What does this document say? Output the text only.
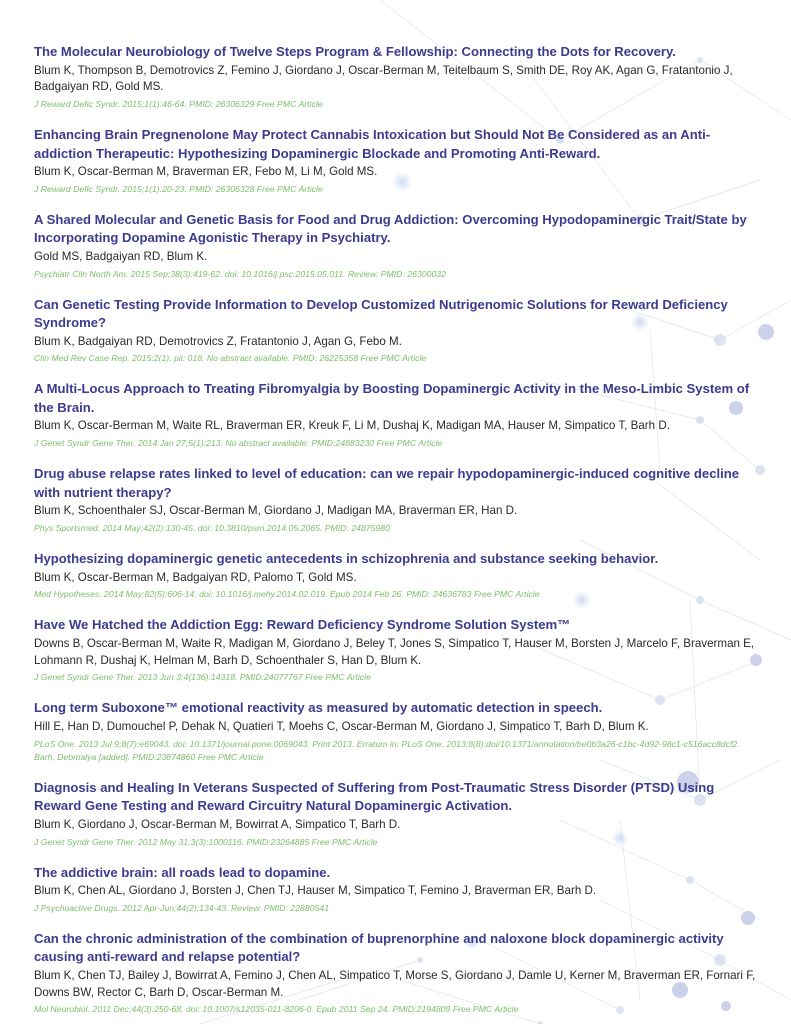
The Molecular Neurobiology of Twelve Steps Program & Fellowship: Connecting the Dots for Recovery.
Blum K, Thompson B, Demotrovics Z, Femino J, Giordano J, Oscar-Berman M, Teitelbaum S, Smith DE, Roy AK, Agan G, Fratantonio J, Badgaiyan RD, Gold MS.
J Reward Defic Syndr. 2015;1(1):46-64. PMID: 26306329 Free PMC Article
Enhancing Brain Pregnenolone May Protect Cannabis Intoxication but Should Not Be Considered as an Anti-addiction Therapeutic: Hypothesizing Dopaminergic Blockade and Promoting Anti-Reward.
Blum K, Oscar-Berman M, Braverman ER, Febo M, Li M, Gold MS.
J Reward Defic Syndr. 2015;1(1):20-23. PMID: 26306328 Free PMC Article
A Shared Molecular and Genetic Basis for Food and Drug Addiction: Overcoming Hypodopaminergic Trait/State by Incorporating Dopamine Agonistic Therapy in Psychiatry.
Gold MS, Badgaiyan RD, Blum K.
Psychiatr Clin North Am. 2015 Sep;38(3):419-62. doi: 10.1016/j.psc.2015.05.011. Review. PMID: 26300032
Can Genetic Testing Provide Information to Develop Customized Nutrigenomic Solutions for Reward Deficiency Syndrome?
Blum K, Badgaiyan RD, Demotrovics Z, Fratantonio J, Agan G, Febo M.
Clin Med Rev Case Rep. 2015;2(1). pii: 018. No abstract available. PMID: 26225358 Free PMC Article
A Multi-Locus Approach to Treating Fibromyalgia by Boosting Dopaminergic Activity in the Meso-Limbic System of the Brain.
Blum K, Oscar-Berman M, Waite RL, Braverman ER, Kreuk F, Li M, Dushaj K, Madigan MA, Hauser M, Simpatico T, Barh D.
J Genet Syndr Gene Ther. 2014 Jan 27;5(1):213. No abstract available. PMID:24883230 Free PMC Article
Drug abuse relapse rates linked to level of education: can we repair hypodopaminergic-induced cognitive decline with nutrient therapy?
Blum K, Schoenthaler SJ, Oscar-Berman M, Giordano J, Madigan MA, Braverman ER, Han D.
Phys Sportsmed. 2014 May;42(2):130-45. doi: 10.3810/psm.2014.05.2065. PMID: 24875980
Hypothesizing dopaminergic genetic antecedents in schizophrenia and substance seeking behavior.
Blum K, Oscar-Berman M, Badgaiyan RD, Palomo T, Gold MS.
Med Hypotheses. 2014 May;82(5):606-14. doi: 10.1016/j.mehy.2014.02.019. Epub 2014 Feb 26. PMID: 24636783 Free PMC Article
Have We Hatched the Addiction Egg: Reward Deficiency Syndrome Solution System™
Downs B, Oscar-Berman M, Waite R, Madigan M, Giordano J, Beley T, Jones S, Simpatico T, Hauser M, Borsten J, Marcelo F, Braverman E, Lohmann R, Dushaj K, Helman M, Barh D, Schoenthaler S, Han D, Blum K.
J Genet Syndr Gene Ther. 2013 Jun 3;4(136):14318. PMID:24077767 Free PMC Article
Long term Suboxone™ emotional reactivity as measured by automatic detection in speech.
Hill E, Han D, Dumouchel P, Dehak N, Quatieri T, Moehs C, Oscar-Berman M, Giordano J, Simpatico T, Barh D, Blum K.
PLoS One. 2013 Jul 9;8(7):e69043. doi: 10.1371/journal.pone.0069043. Print 2013. Erratum in: PLoS One. 2013;8(8):doi/10.1371/annotation/be0b3a26-c1bc-4d92-98c1-c516acc8dcf2. Barh, Debmalya [added]. PMID:23874860 Free PMC Article
Diagnosis and Healing In Veterans Suspected of Suffering from Post-Traumatic Stress Disorder (PTSD) Using Reward Gene Testing and Reward Circuitry Natural Dopaminergic Activation.
Blum K, Giordano J, Oscar-Berman M, Bowirrat A, Simpatico T, Barh D.
J Genet Syndr Gene Ther. 2012 May 31;3(3):1000116. PMID:23264885 Free PMC Article
The addictive brain: all roads lead to dopamine.
Blum K, Chen AL, Giordano J, Borsten J, Chen TJ, Hauser M, Simpatico T, Femino J, Braverman ER, Barh D.
J Psychoactive Drugs. 2012 Apr-Jun;44(2):134-43. Review. PMID: 22880541
Can the chronic administration of the combination of buprenorphine and naloxone block dopaminergic activity causing anti-reward and relapse potential?
Blum K, Chen TJ, Bailey J, Bowirrat A, Femino J, Chen AL, Simpatico T, Morse S, Giordano J, Damle U, Kerner M, Braverman ER, Fornari F, Downs BW, Rector C, Barh D, Oscar-Berman M.
Mol Neurobiol. 2011 Dec;44(3):250-68. doi: 10.1007/s12035-011-8206-0. Epub 2011 Sep 24. PMID:2194809 Free PMC Article
